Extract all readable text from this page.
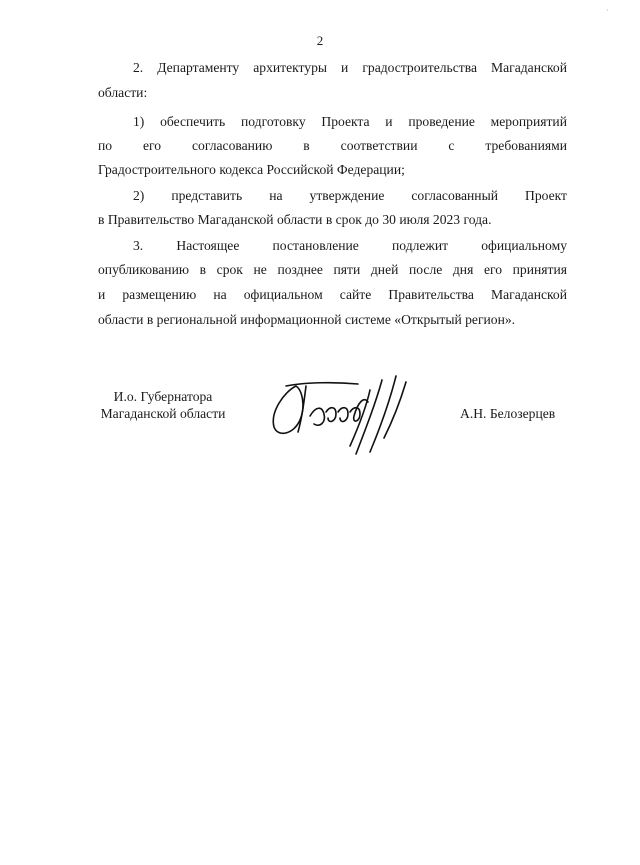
·
2
2. Департаменту архитектуры и градостроительства Магаданской
области:
1) обеспечить подготовку Проекта и проведение мероприятий
по его согласованию в соответствии с требованиями
Градостроительного кодекса Российской Федерации;
2) представить на утверждение согласованный Проект
в Правительство Магаданской области в срок до 30 июля 2023 года.
3. Настоящее постановление подлежит официальному
опубликованию в срок не позднее пяти дней после дня его принятия
и размещению на официальном сайте Правительства Магаданской
области в региональной информационной системе «Открытый регион».
И.о. Губернатора
Магаданской области	А.Н. Белозерцев
